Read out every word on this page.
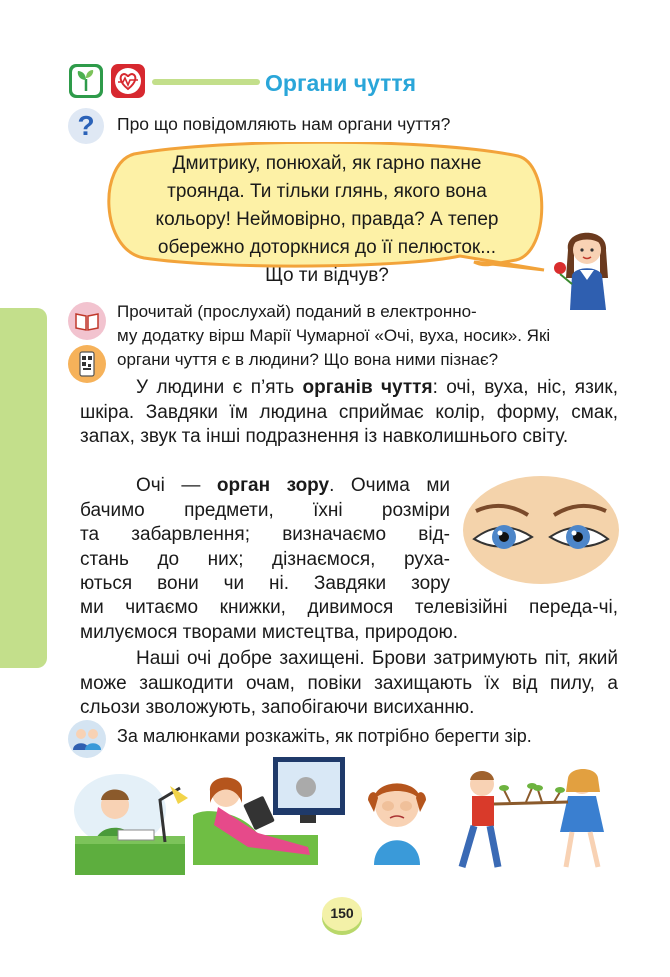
Органи чуття
?	Про що повідомляють нам органи чуття?
Дмитрику, понюхай, як гарно пахне
троянда. Ти тільки глянь, якого вона
кольору! Неймовірно, правда? А тепер
обережно доторкнися до її пелюсток...
Що ти відчув?
Прочитай (прослухай) поданий в електронно-
му додатку вірш Марії Чумарної «Очі, вуха, носик». Які
органи чуття є в людини? Що вона ними пізнає?
У людини є п’ять органів чуття: очі, вуха, ніс, язик, шкіра. Завдяки їм людина сприймає колір, форму, смак, запах, звук та інші подразнення із навколишнього світу.
Очі — орган зору. Очима ми
бачимо предмети, їхні розміри
та забарвлення; визначаємо від-
стань до них; дізнаємося, руха-
ються вони чи ні. Завдяки зору
ми читаємо книжки, дивимося телевізійні переда-чі, милуємося творами мистецтва, природою.
Наші очі добре захищені. Брови затримують піт, який може зашкодити очам, повіки захищають їх від пилу, а сльози зволожують, запобігаючи висиханню.
За малюнками розкажіть, як потрібно берегти зір.
150
